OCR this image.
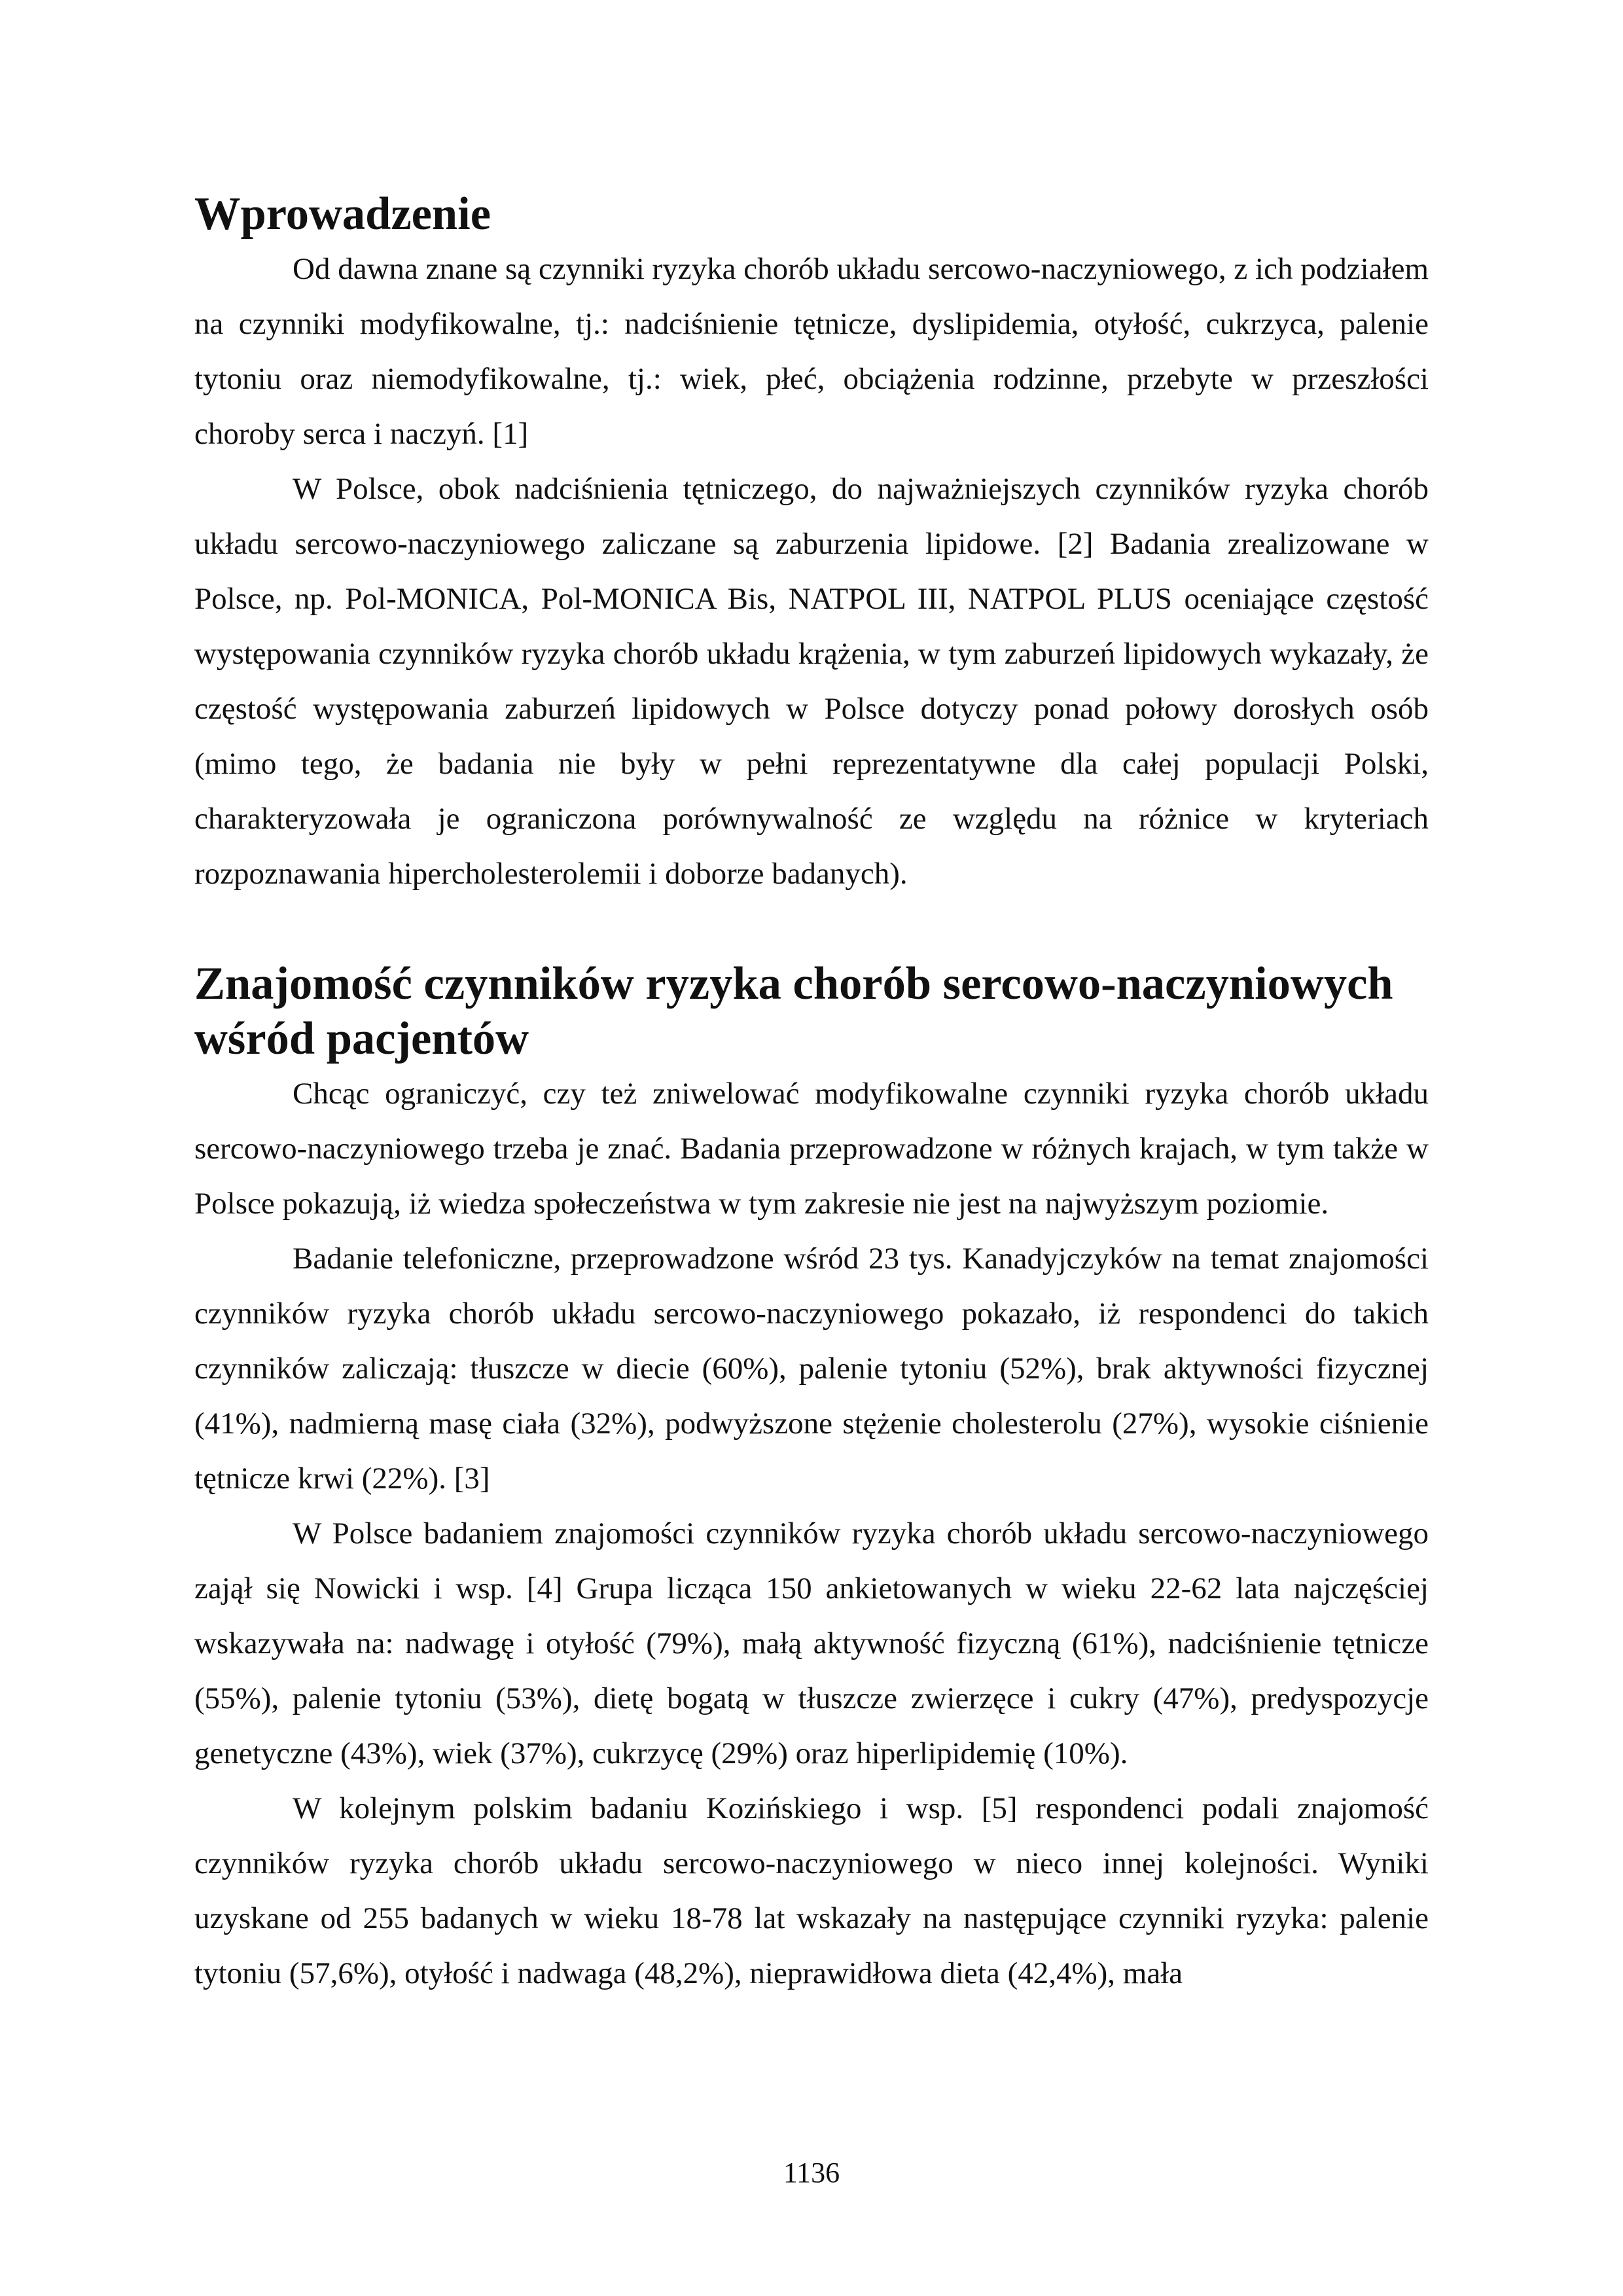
Wprowadzenie

Od dawna znane są czynniki ryzyka chorób układu sercowo-naczyniowego, z ich podziałem na czynniki modyfikowalne, tj.: nadciśnienie tętnicze, dyslipidemia, otyłość, cukrzyca, palenie tytoniu oraz niemodyfikowalne, tj.: wiek, płeć, obciążenia rodzinne, przebyte w przeszłości choroby serca i naczyń. [1]

W Polsce, obok nadciśnienia tętniczego, do najważniejszych czynników ryzyka chorób układu sercowo-naczyniowego zaliczane są zaburzenia lipidowe. [2] Badania zrealizowane w Polsce, np. Pol-MONICA, Pol-MONICA Bis, NATPOL III, NATPOL PLUS oceniające częstość występowania czynników ryzyka chorób układu krążenia, w tym zaburzeń lipidowych wykazały, że częstość występowania zaburzeń lipidowych w Polsce dotyczy ponad połowy dorosłych osób (mimo tego, że badania nie były w pełni reprezentatywne dla całej populacji Polski, charakteryzowała je ograniczona porównywalność ze względu na różnice w kryteriach rozpoznawania hipercholesterolemii i doborze badanych).

Znajomość czynników ryzyka chorób sercowo-naczyniowych wśród pacjentów

Chcąc ograniczyć, czy też zniwelować modyfikowalne czynniki ryzyka chorób układu sercowo-naczyniowego trzeba je znać. Badania przeprowadzone w różnych krajach, w tym także w Polsce pokazują, iż wiedza społeczeństwa w tym zakresie nie jest na najwyższym poziomie.

Badanie telefoniczne, przeprowadzone wśród 23 tys. Kanadyjczyków na temat znajomości czynników ryzyka chorób układu sercowo-naczyniowego pokazało, iż respondenci do takich czynników zaliczają: tłuszcze w diecie (60%), palenie tytoniu (52%), brak aktywności fizycznej (41%), nadmierną masę ciała (32%), podwyższone stężenie cholesterolu (27%), wysokie ciśnienie tętnicze krwi (22%). [3]

W Polsce badaniem znajomości czynników ryzyka chorób układu sercowo-naczyniowego zajął się Nowicki i wsp. [4] Grupa licząca 150 ankietowanych w wieku 22-62 lata najczęściej wskazywała na: nadwagę i otyłość (79%), małą aktywność fizyczną (61%), nadciśnienie tętnicze (55%), palenie tytoniu (53%), dietę bogatą w tłuszcze zwierzęce i cukry (47%), predyspozycje genetyczne (43%), wiek (37%), cukrzycę (29%) oraz hiperlipidemię (10%).

W kolejnym polskim badaniu Kozińskiego i wsp. [5] respondenci podali znajomość czynników ryzyka chorób układu sercowo-naczyniowego w nieco innej kolejności. Wyniki uzyskane od 255 badanych w wieku 18-78 lat wskazały na następujące czynniki ryzyka: palenie tytoniu (57,6%), otyłość i nadwaga (48,2%), nieprawidłowa dieta (42,4%), mała

1136
